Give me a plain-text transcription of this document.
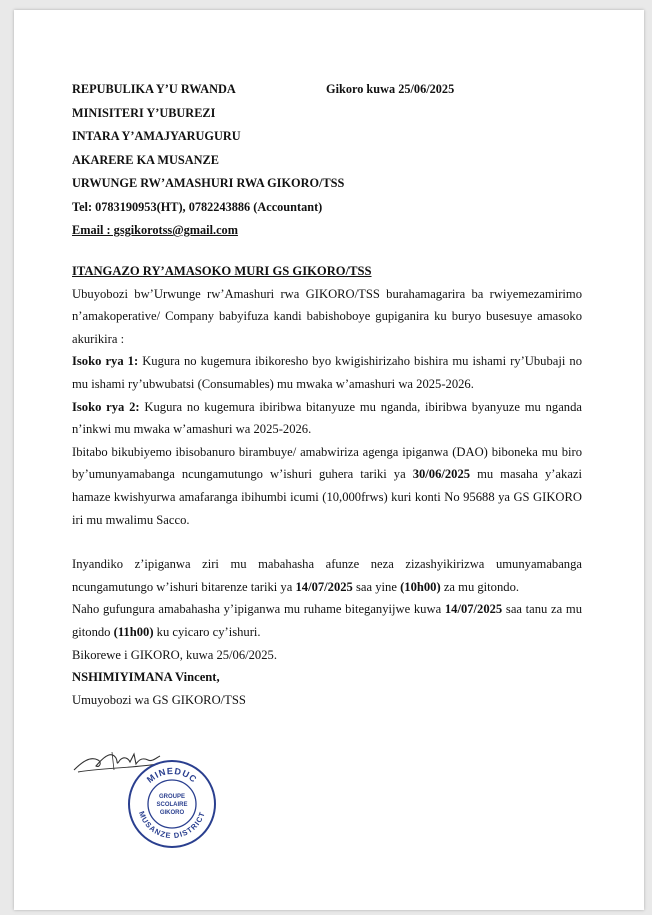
REPUBULIKA Y’U RWANDA
MINISITERI Y’UBUREZI
INTARA Y’AMAJYARUGURU
AKARERE KA MUSANZE
URWUNGE RW’AMASHURI RWA GIKORO/TSS
Tel: 0783190953(HT), 0782243886 (Accountant)
Email : gsgikorotss@gmail.com
Gikoro kuwa 25/06/2025

ITANGAZO RY’AMASOKO MURI GS GIKORO/TSS

Ubuyobozi bw’Urwunge rw’Amashuri rwa GIKORO/TSS burahamagarira ba rwiyemezamirimo n’amakoperative/ Company babyifuza kandi babishoboye gupiganira ku buryo busesuye amasoko akurikira :

Isoko rya 1: Kugura no kugemura ibikoresho byo kwigishirizaho bishira mu ishami ry’Ububaji no mu ishami ry’ubwubatsi (Consumables) mu mwaka w’amashuri wa 2025-2026.

Isoko rya 2: Kugura no kugemura ibiribwa bitanyuze mu nganda, ibiribwa byanyuze mu nganda n’inkwi mu mwaka w’amashuri wa 2025-2026.

Ibitabo bikubiyemo ibisobanuro birambuye/ amabwiriza agenga ipiganwa (DAO) biboneka mu biro by’umunyamabanga ncungamutungo w’ishuri guhera tariki ya 30/06/2025 mu masaha y’akazi hamaze kwishyurwa amafaranga ibihumbi icumi (10,000frws) kuri konti No 95688 ya GS GIKORO iri mu mwalimu Sacco.

Inyandiko z’ipiganwa ziri mu mabahasha afunze neza zizashyikirizwa umunyamabanga ncungamutungo w’ishuri bitarenze tariki ya 14/07/2025 saa yine (10h00) za mu gitondo.

Naho gufungura amabahasha y’ipiganwa mu ruhame biteganyijwe kuwa 14/07/2025 saa tanu za mu gitondo (11h00) ku cyicaro cy’ishuri.

Bikorewe i GIKORO, kuwa 25/06/2025.

NSHIMIYIMANA Vincent,

Umuyobozi wa GS GIKORO/TSS

MINEDUC
MUSANZE DISTRICT
GROUPE
SCOLAIRE
GIKORO
